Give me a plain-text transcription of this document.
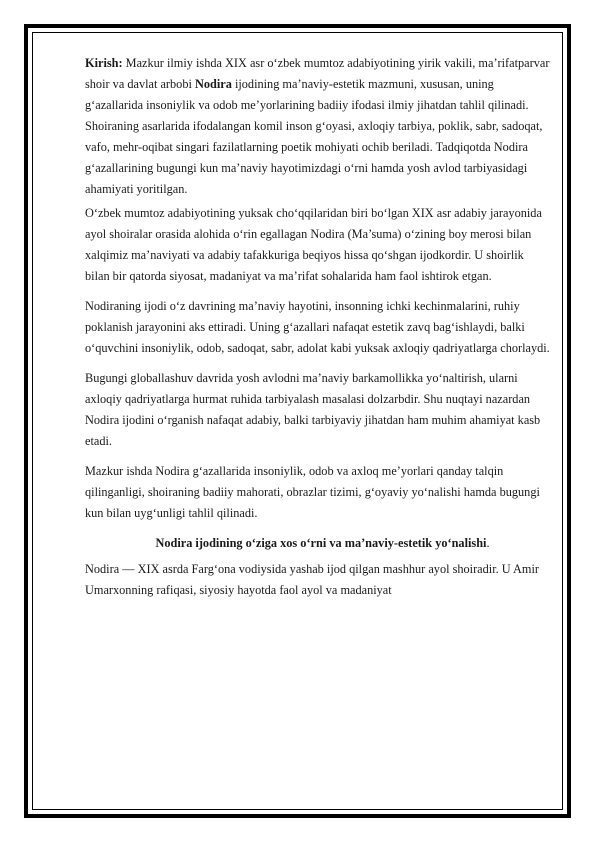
Kirish: Mazkur ilmiy ishda XIX asr o‘zbek mumtoz adabiyotining yirik vakili, ma’rifatparvar shoir va davlat arbobi Nodira ijodining ma’naviy-estetik mazmuni, xususan, uning g‘azallarida insoniylik va odob me’yorlarining badiiy ifodasi ilmiy jihatdan tahlil qilinadi. Shoiraning asarlarida ifodalangan komil inson g‘oyasi, axloqiy tarbiya, poklik, sabr, sadoqat, vafo, mehr-oqibat singari fazilatlarning poetik mohiyati ochib beriladi. Tadqiqotda Nodira g‘azallarining bugungi kun ma’naviy hayotimizdagi o‘rni hamda yosh avlod tarbiyasidagi ahamiyati yoritilgan.

O‘zbek mumtoz adabiyotining yuksak cho‘qqilaridan biri bo‘lgan XIX asr adabiy jarayonida ayol shoiralar orasida alohida o‘rin egallagan Nodira (Ma’suma) o‘zining boy merosi bilan xalqimiz ma’naviyati va adabiy tafakkuriga beqiyos hissa qo‘shgan ijodkordir. U shoirlik bilan bir qatorda siyosat, madaniyat va ma’rifat sohalarida ham faol ishtirok etgan.

Nodiraning ijodi o‘z davrining ma’naviy hayotini, insonning ichki kechinmalarini, ruhiy poklanish jarayonini aks ettiradi. Uning g‘azallari nafaqat estetik zavq bag‘ishlaydi, balki o‘quvchini insoniylik, odob, sadoqat, sabr, adolat kabi yuksak axloqiy qadriyatlarga chorlaydi.

Bugungi globallashuv davrida yosh avlodni ma’naviy barkamollikka yo‘naltirish, ularni axloqiy qadriyatlarga hurmat ruhida tarbiyalash masalasi dolzarbdir. Shu nuqtayi nazardan Nodira ijodini o‘rganish nafaqat adabiy, balki tarbiyaviy jihatdan ham muhim ahamiyat kasb etadi.

Mazkur ishda Nodira g‘azallarida insoniylik, odob va axloq me’yorlari qanday talqin qilinganligi, shoiraning badiiy mahorati, obrazlar tizimi, g‘oyaviy yo‘nalishi hamda bugungi kun bilan uyg‘unligi tahlil qilinadi.

Nodira ijodining o‘ziga xos o‘rni va ma’naviy-estetik yo‘nalishi.

Nodira — XIX asrda Farg‘ona vodiysida yashab ijod qilgan mashhur ayol shoiradir. U Amir Umarxonning rafiqasi, siyosiy hayotda faol ayol va madaniyat
